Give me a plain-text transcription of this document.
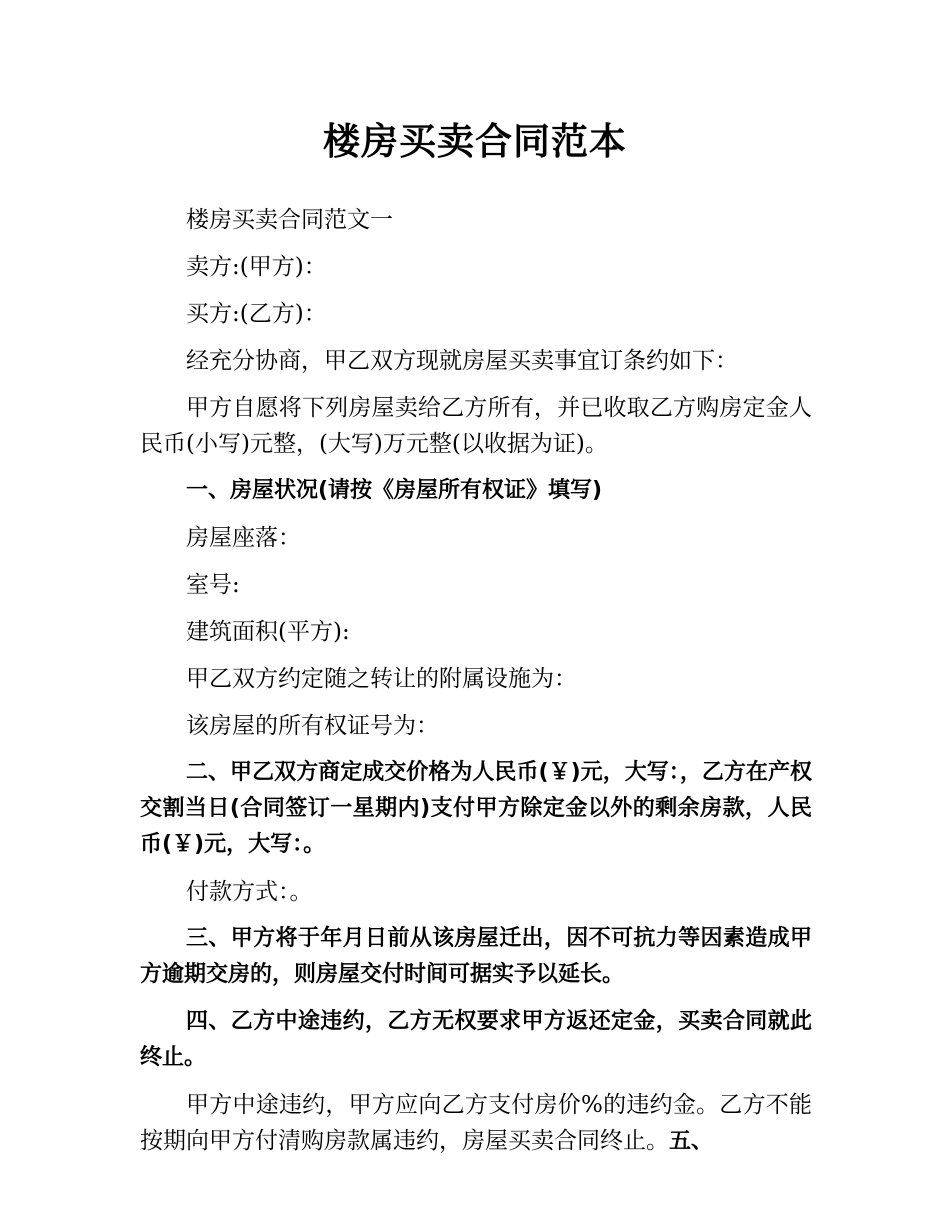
楼房买卖合同范本

楼房买卖合同范文一

卖方:(甲方)：

买方:(乙方)：

经充分协商，甲乙双方现就房屋买卖事宜订条约如下：

甲方自愿将下列房屋卖给乙方所有，并已收取乙方购房定金人民币(小写)元整，(大写)万元整(以收据为证)。

一、房屋状况(请按《房屋所有权证》填写)

房屋座落：

室号:

建筑面积(平方):

甲乙双方约定随之转让的附属设施为：

该房屋的所有权证号为：

二、甲乙双方商定成交价格为人民币(￥)元，大写：，乙方在产权交割当日(合同签订一星期内)支付甲方除定金以外的剩余房款，人民币(￥)元，大写：。

付款方式：。

三、甲方将于年月日前从该房屋迁出，因不可抗力等因素造成甲方逾期交房的，则房屋交付时间可据实予以延长。

四、乙方中途违约，乙方无权要求甲方返还定金，买卖合同就此终止。

甲方中途违约，甲方应向乙方支付房价%的违约金。乙方不能按期向甲方付清购房款属违约，房屋买卖合同终止。五、
